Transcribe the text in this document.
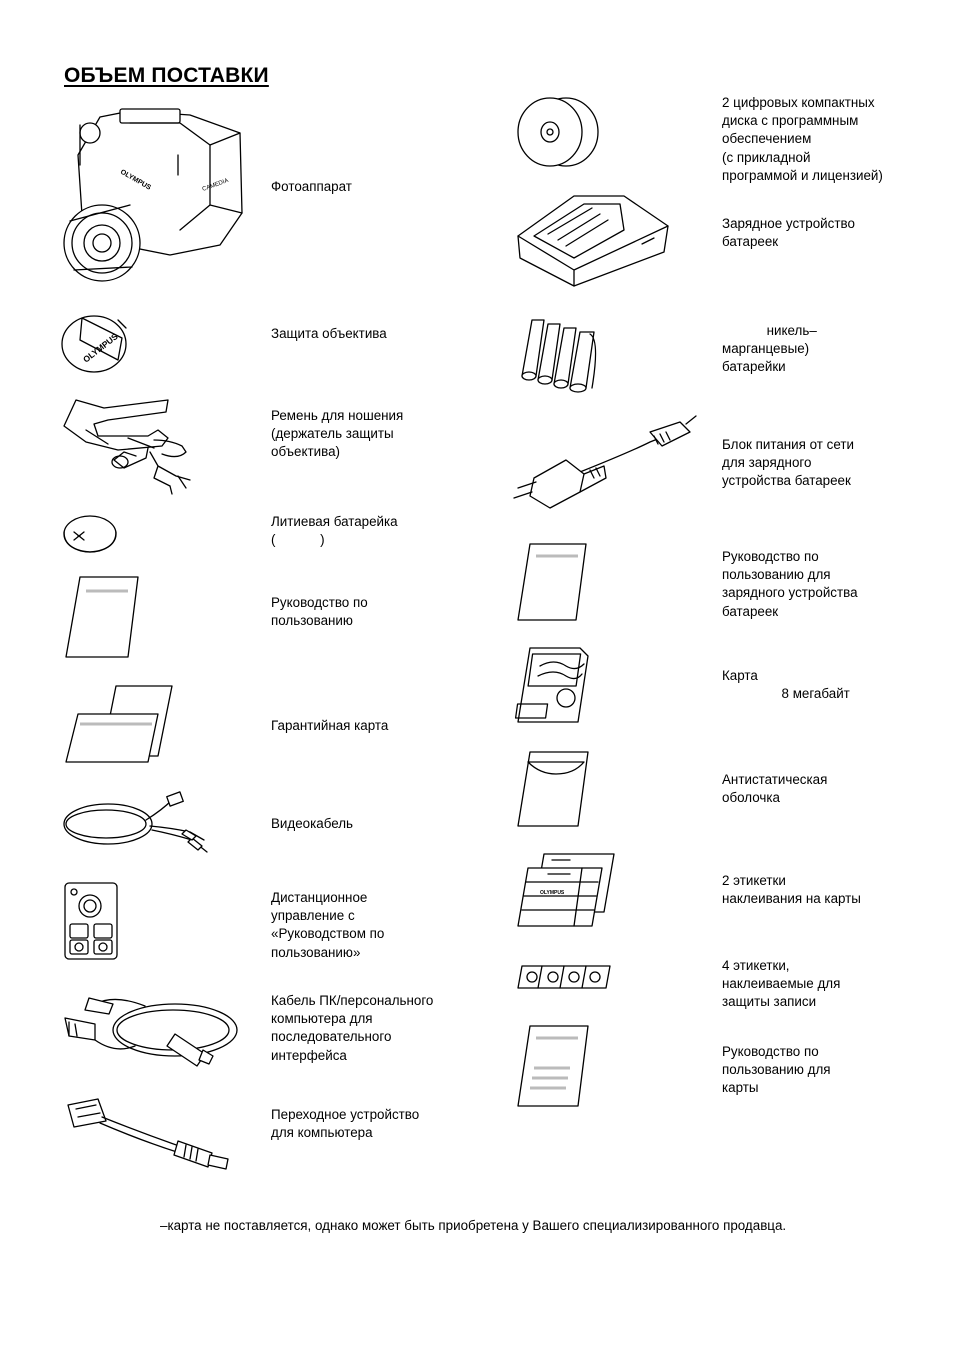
ОБЪЕМ ПОСТАВКИ
OLYMPUS	CAMEDIA	Фотоаппарат
OLYMPUS	Защита объектива
Ремень для ношения
(держатель защиты
объектива)
Литиевая батарейка
(            )
Руководство по
пользованию
Гарантийная карта
Видеокабель
Дистанционное
управление с
«Руководством по
пользованию»
Кабель ПК/персонального
компьютера для
последовательного
интерфейса
Переходное устройство
для компьютера
2 цифровых компактных
диска с программным
обеспечением
(с прикладной
программой и лицензией)
Зарядное устройство
батареек
никель–
марганцевые)
батарейки
Блок питания от сети
для зарядного
устройства батареек
Руководство по
пользованию для
зарядного устройства
батареек
Карта
8 мегабайт
Антистатическая
оболочка
OLYMPUS
2 этикетки
наклеивания на карты
4 этикетки,
наклеиваемые для
защиты записи
Руководство по
пользованию для
карты
–карта не поставляется, однако может быть приобретена у Вашего специализированного продавца.
